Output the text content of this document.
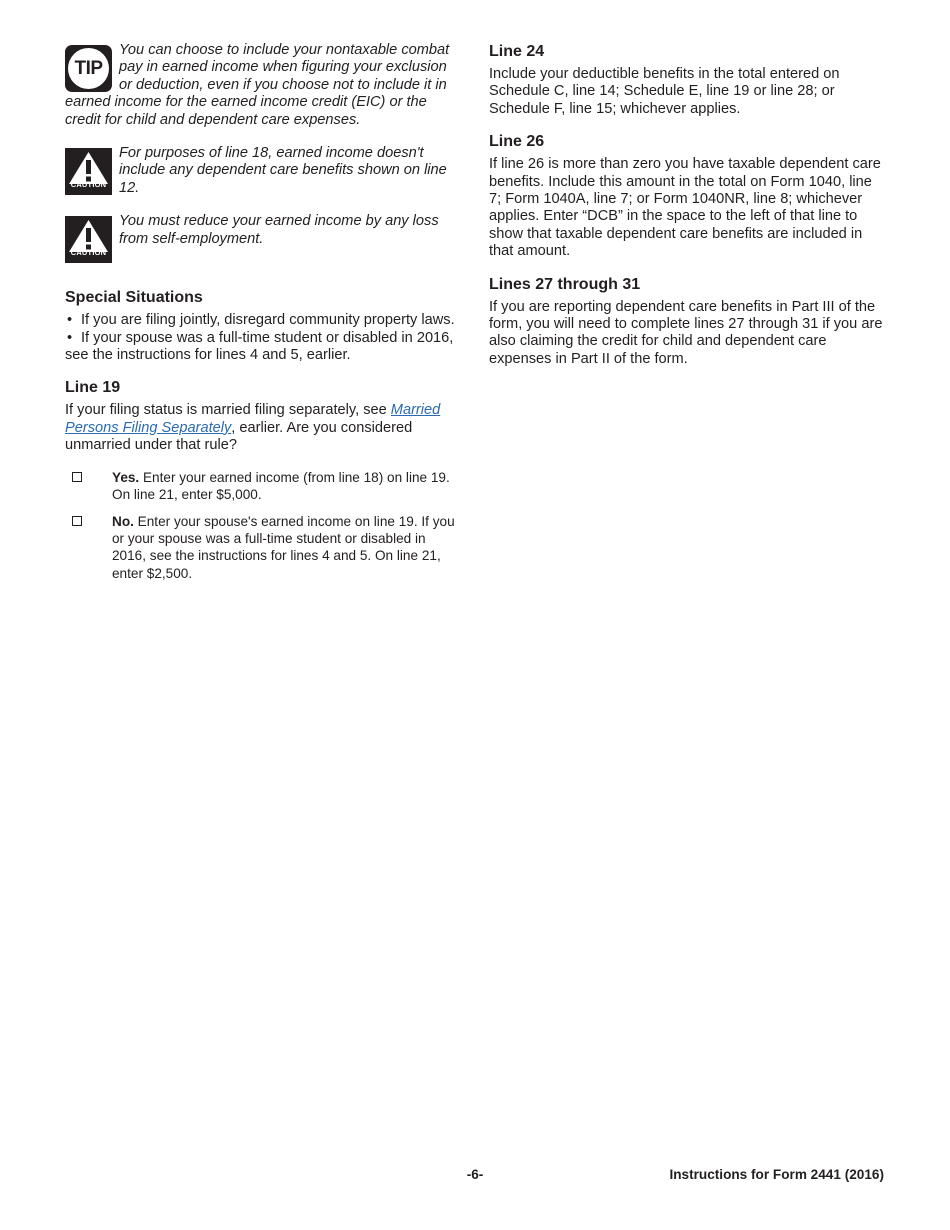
TIP
You can choose to include your nontaxable combat pay in earned income when figuring your exclusion or deduction, even if you choose not to include it in earned income for the earned income credit (EIC) or the credit for child and dependent care expenses.
CAUTION
For purposes of line 18, earned income doesn't include any dependent care benefits shown on line 12.
CAUTION
You must reduce your earned income by any loss from self-employment.
Special Situations
• If you are filing jointly, disregard community property laws.
• If your spouse was a full-time student or disabled in 2016, see the instructions for lines 4 and 5, earlier.
Line 19

If your filing status is married filing separately, see Married Persons Filing Separately, earlier. Are you considered unmarried under that rule?

Yes. Enter your earned income (from line 18) on line 19. On line 21, enter $5,000.
No. Enter your spouse's earned income on line 19. If you or your spouse was a full-time student or disabled in 2016, see the instructions for lines 4 and 5. On line 21, enter $2,500.
Line 24

Include your deductible benefits in the total entered on Schedule C, line 14; Schedule E, line 19 or line 28; or Schedule F, line 15; whichever applies.

Line 26

If line 26 is more than zero you have taxable dependent care benefits. Include this amount in the total on Form 1040, line 7; Form 1040A, line 7; or Form 1040NR, line 8; whichever applies. Enter “DCB” in the space to the left of that line to show that taxable dependent care benefits are included in that amount.

Lines 27 through 31

If you are reporting dependent care benefits in Part III of the form, you will need to complete lines 27 through 31 if you are also claiming the credit for child and dependent care expenses in Part II of the form.

-6-	Instructions for Form 2441 (2016)
